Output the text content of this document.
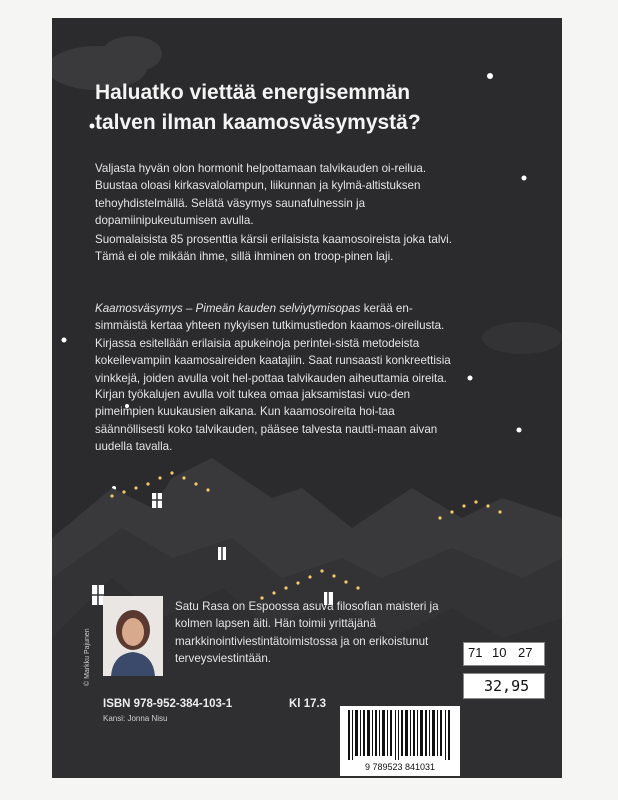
Haluatko viettää energisemmän
talven ilman kaamosväsymystä?

Valjasta hyvän olon hormonit helpottamaan talvikauden oi-reilua. Buustaa oloasi kirkasvalolampun, liikunnan ja kylmä-altistuksen tehoyhdistelmällä. Selätä väsymys saunafulnessin ja dopamiinipukeutumisen avulla.

Suomalaisista 85 prosenttia kärsii erilaisista kaamosoireista joka talvi. Tämä ei ole mikään ihme, sillä ihminen on troop-pinen laji.

Kaamosväsymys – Pimeän kauden selviytymisopas kerää en-simmäistä kertaa yhteen nykyisen tutkimustiedon kaamos-oireilusta. Kirjassa esitellään erilaisia apukeinoja perintei-sistä metodeista kokeilevampiin kaamosaireiden kaatajiin. Saat runsaasti konkreettisia vinkkejä, joiden avulla voit hel-pottaa talvikauden aiheuttamia oireita.

Kirjan työkalujen avulla voit tukea omaa jaksamistasi vuo-den pimeimpien kuukausien aikana. Kun kaamosoireita hoi-taa säännöllisesti koko talvikauden, pääsee talvesta nautti-maan aivan uudella tavalla.

© Markku Pajunen

Satu Rasa on Espoossa asuva filosofian maisteri ja kolmen lapsen äiti. Hän toimii yrittäjänä markkinointiviestintätoimistossa ja on erikoistunut terveysviestintään.

ISBN 978-952-384-103-1	Kl 17.3
Kansi: Jonna Nisu
9 789523 841031
71 10 27
32,95
